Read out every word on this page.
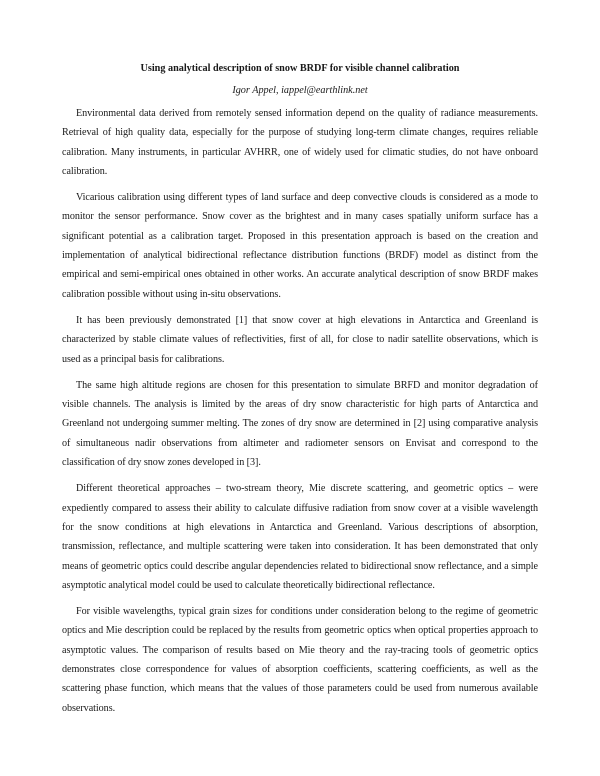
Using analytical description of snow BRDF for visible channel calibration
Igor Appel, iappel@earthlink.net

Environmental data derived from remotely sensed information depend on the quality of radiance measurements. Retrieval of high quality data, especially for the purpose of studying long-term climate changes, requires reliable calibration. Many instruments, in particular AVHRR, one of widely used for climatic studies, do not have onboard calibration.

Vicarious calibration using different types of land surface and deep convective clouds is considered as a mode to monitor the sensor performance. Snow cover as the brightest and in many cases spatially uniform surface has a significant potential as a calibration target. Proposed in this presentation approach is based on the creation and implementation of analytical bidirectional reflectance distribution functions (BRDF) model as distinct from the empirical and semi-empirical ones obtained in other works. An accurate analytical description of snow BRDF makes calibration possible without using in-situ observations.

It has been previously demonstrated [1] that snow cover at high elevations in Antarctica and Greenland is characterized by stable climate values of reflectivities, first of all, for close to nadir satellite observations, which is used as a principal basis for calibrations.

The same high altitude regions are chosen for this presentation to simulate BRFD and monitor degradation of visible channels. The analysis is limited by the areas of dry snow characteristic for high parts of Antarctica and Greenland not undergoing summer melting. The zones of dry snow are determined in [2] using comparative analysis of simultaneous nadir observations from altimeter and radiometer sensors on Envisat and correspond to the classification of dry snow zones developed in [3].

Different theoretical approaches – two-stream theory, Mie discrete scattering, and geometric optics – were expediently compared to assess their ability to calculate diffusive radiation from snow cover at a visible wavelength for the snow conditions at high elevations in Antarctica and Greenland. Various descriptions of absorption, transmission, reflectance, and multiple scattering were taken into consideration. It has been demonstrated that only means of geometric optics could describe angular dependencies related to bidirectional snow reflectance, and a simple asymptotic analytical model could be used to calculate theoretically bidirectional reflectance.

For visible wavelengths, typical grain sizes for conditions under consideration belong to the regime of geometric optics and Mie description could be replaced by the results from geometric optics when optical properties approach to asymptotic values. The comparison of results based on Mie theory and the ray-tracing tools of geometric optics demonstrates close correspondence for values of absorption coefficients, scattering coefficients, as well as the scattering phase function, which means that the values of those parameters could be used from numerous available observations.
